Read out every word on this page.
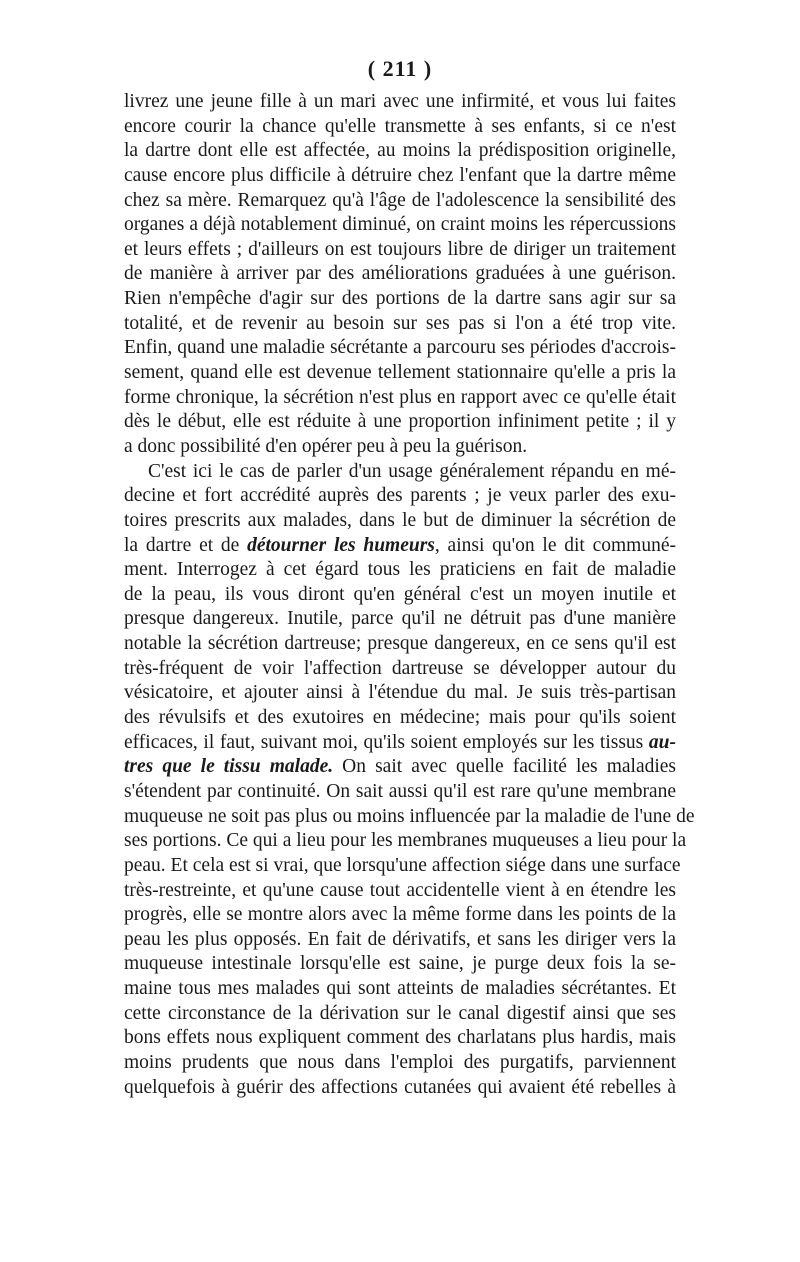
( 211 )
livrez une jeune fille à un mari avec une infirmité, et vous lui faites
encore courir la chance qu'elle transmette à ses enfants, si ce n'est
la dartre dont elle est affectée, au moins la prédisposition originelle,
cause encore plus difficile à détruire chez l'enfant que la dartre même
chez sa mère. Remarquez qu'à l'âge de l'adolescence la sensibilité des
organes a déjà notablement diminué, on craint moins les répercussions
et leurs effets ; d'ailleurs on est toujours libre de diriger un traitement
de manière à arriver par des améliorations graduées à une guérison.
Rien n'empêche d'agir sur des portions de la dartre sans agir sur sa
totalité, et de revenir au besoin sur ses pas si l'on a été trop vite.
Enfin, quand une maladie sécrétante a parcouru ses périodes d'accrois-
sement, quand elle est devenue tellement stationnaire qu'elle a pris la
forme chronique, la sécrétion n'est plus en rapport avec ce qu'elle était
dès le début, elle est réduite à une proportion infiniment petite ; il y
a donc possibilité d'en opérer peu à peu la guérison.
C'est ici le cas de parler d'un usage généralement répandu en mé-
decine et fort accrédité auprès des parents ; je veux parler des exu-
toires prescrits aux malades, dans le but de diminuer la sécrétion de
la dartre et de détourner les humeurs, ainsi qu'on le dit communé-
ment. Interrogez à cet égard tous les praticiens en fait de maladie
de la peau, ils vous diront qu'en général c'est un moyen inutile et
presque dangereux. Inutile, parce qu'il ne détruit pas d'une manière
notable la sécrétion dartreuse; presque dangereux, en ce sens qu'il est
très-fréquent de voir l'affection dartreuse se développer autour du
vésicatoire, et ajouter ainsi à l'étendue du mal. Je suis très-partisan
des révulsifs et des exutoires en médecine; mais pour qu'ils soient
efficaces, il faut, suivant moi, qu'ils soient employés sur les tissus au-
tres que le tissu malade. On sait avec quelle facilité les maladies
s'étendent par continuité. On sait aussi qu'il est rare qu'une membrane
muqueuse ne soit pas plus ou moins influencée par la maladie de l'une de
ses portions. Ce qui a lieu pour les membranes muqueuses a lieu pour la
peau. Et cela est si vrai, que lorsqu'une affection siége dans une surface
très-restreinte, et qu'une cause tout accidentelle vient à en étendre les
progrès, elle se montre alors avec la même forme dans les points de la
peau les plus opposés. En fait de dérivatifs, et sans les diriger vers la
muqueuse intestinale lorsqu'elle est saine, je purge deux fois la se-
maine tous mes malades qui sont atteints de maladies sécrétantes. Et
cette circonstance de la dérivation sur le canal digestif ainsi que ses
bons effets nous expliquent comment des charlatans plus hardis, mais
moins prudents que nous dans l'emploi des purgatifs, parviennent
quelquefois à guérir des affections cutanées qui avaient été rebelles à
